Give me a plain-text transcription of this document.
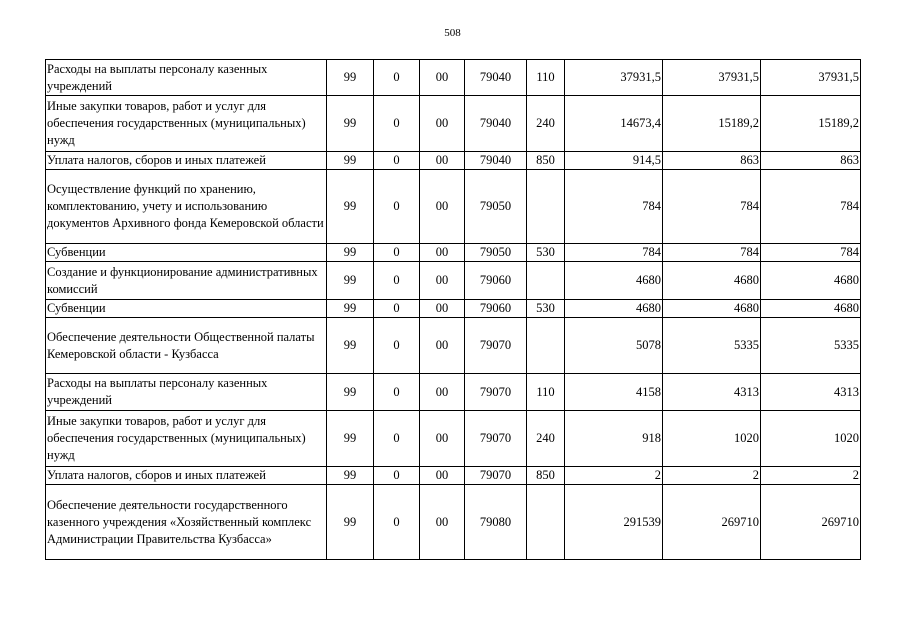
508
Расходы на выплаты персоналу казенных учреждений	99	0	00	79040	110	37931,5	37931,5	37931,5
Иные закупки товаров, работ и услуг для обеспечения государственных (муниципальных) нужд	99	0	00	79040	240	14673,4	15189,2	15189,2
Уплата налогов, сборов и иных платежей	99	0	00	79040	850	914,5	863	863
Осуществление функций по хранению, комплектованию, учету и использованию документов Архивного фонда Кемеровской области	99	0	00	79050		784	784	784
Субвенции	99	0	00	79050	530	784	784	784
Создание и функционирование административных комиссий	99	0	00	79060		4680	4680	4680
Субвенции	99	0	00	79060	530	4680	4680	4680
Обеспечение деятельности Общественной палаты Кемеровской области - Кузбасса	99	0	00	79070		5078	5335	5335
Расходы на выплаты персоналу казенных учреждений	99	0	00	79070	110	4158	4313	4313
Иные закупки товаров, работ и услуг для обеспечения государственных (муниципальных) нужд	99	0	00	79070	240	918	1020	1020
Уплата налогов, сборов и иных платежей	99	0	00	79070	850	2	2	2
Обеспечение деятельности государственного казенного учреждения «Хозяйственный комплекс Администрации Правительства Кузбасса»	99	0	00	79080		291539	269710	269710
